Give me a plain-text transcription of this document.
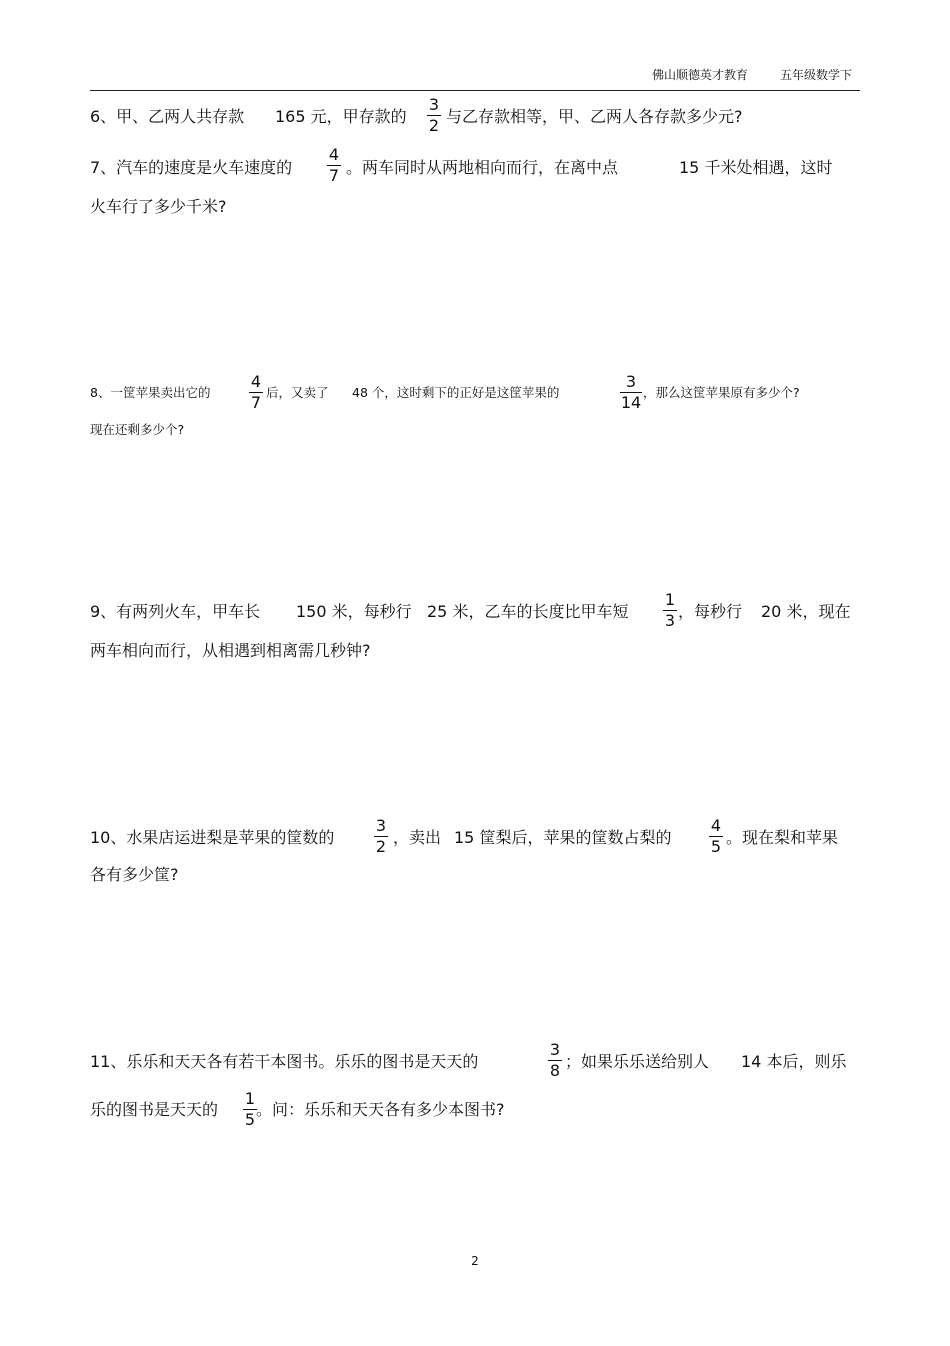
佛山顺德英才教育	五年级数学下
6、甲、乙两人共存款 165 元，甲存款的
3
2 与乙存款相等，甲、乙两人各存款多少元?
7、汽车的速度是火车速度的	。两车同时从两地相向而行，在离中点	15 千米处相遇，这时
4
7
火车行了多少千米?
8、一筐苹果卖出它的	后，又卖了 48 个，这时剩下的正好是这筐苹果的	，那么这筐苹果原有多少个?
4
7
3
14
现在还剩多少个?
9、有两列火车，甲车长 150 米，每秒行 25 米，乙车的长度比甲车短	，每秒行 20 米，现在
1
3
两车相向而行，从相遇到相离需几秒钟?
10、水果店运进梨是苹果的筐数的	，卖出 15 筐梨后，苹果的筐数占梨的	。现在梨和苹果
3
2
4
5
各有多少筐?
11、乐乐和天天各有若干本图书。乐乐的图书是天天的	；如果乐乐送给别人 14 本后，则乐
3
8
乐的图书是天天的 。问：乐乐和天天各有多少本图书?
1
5
2
